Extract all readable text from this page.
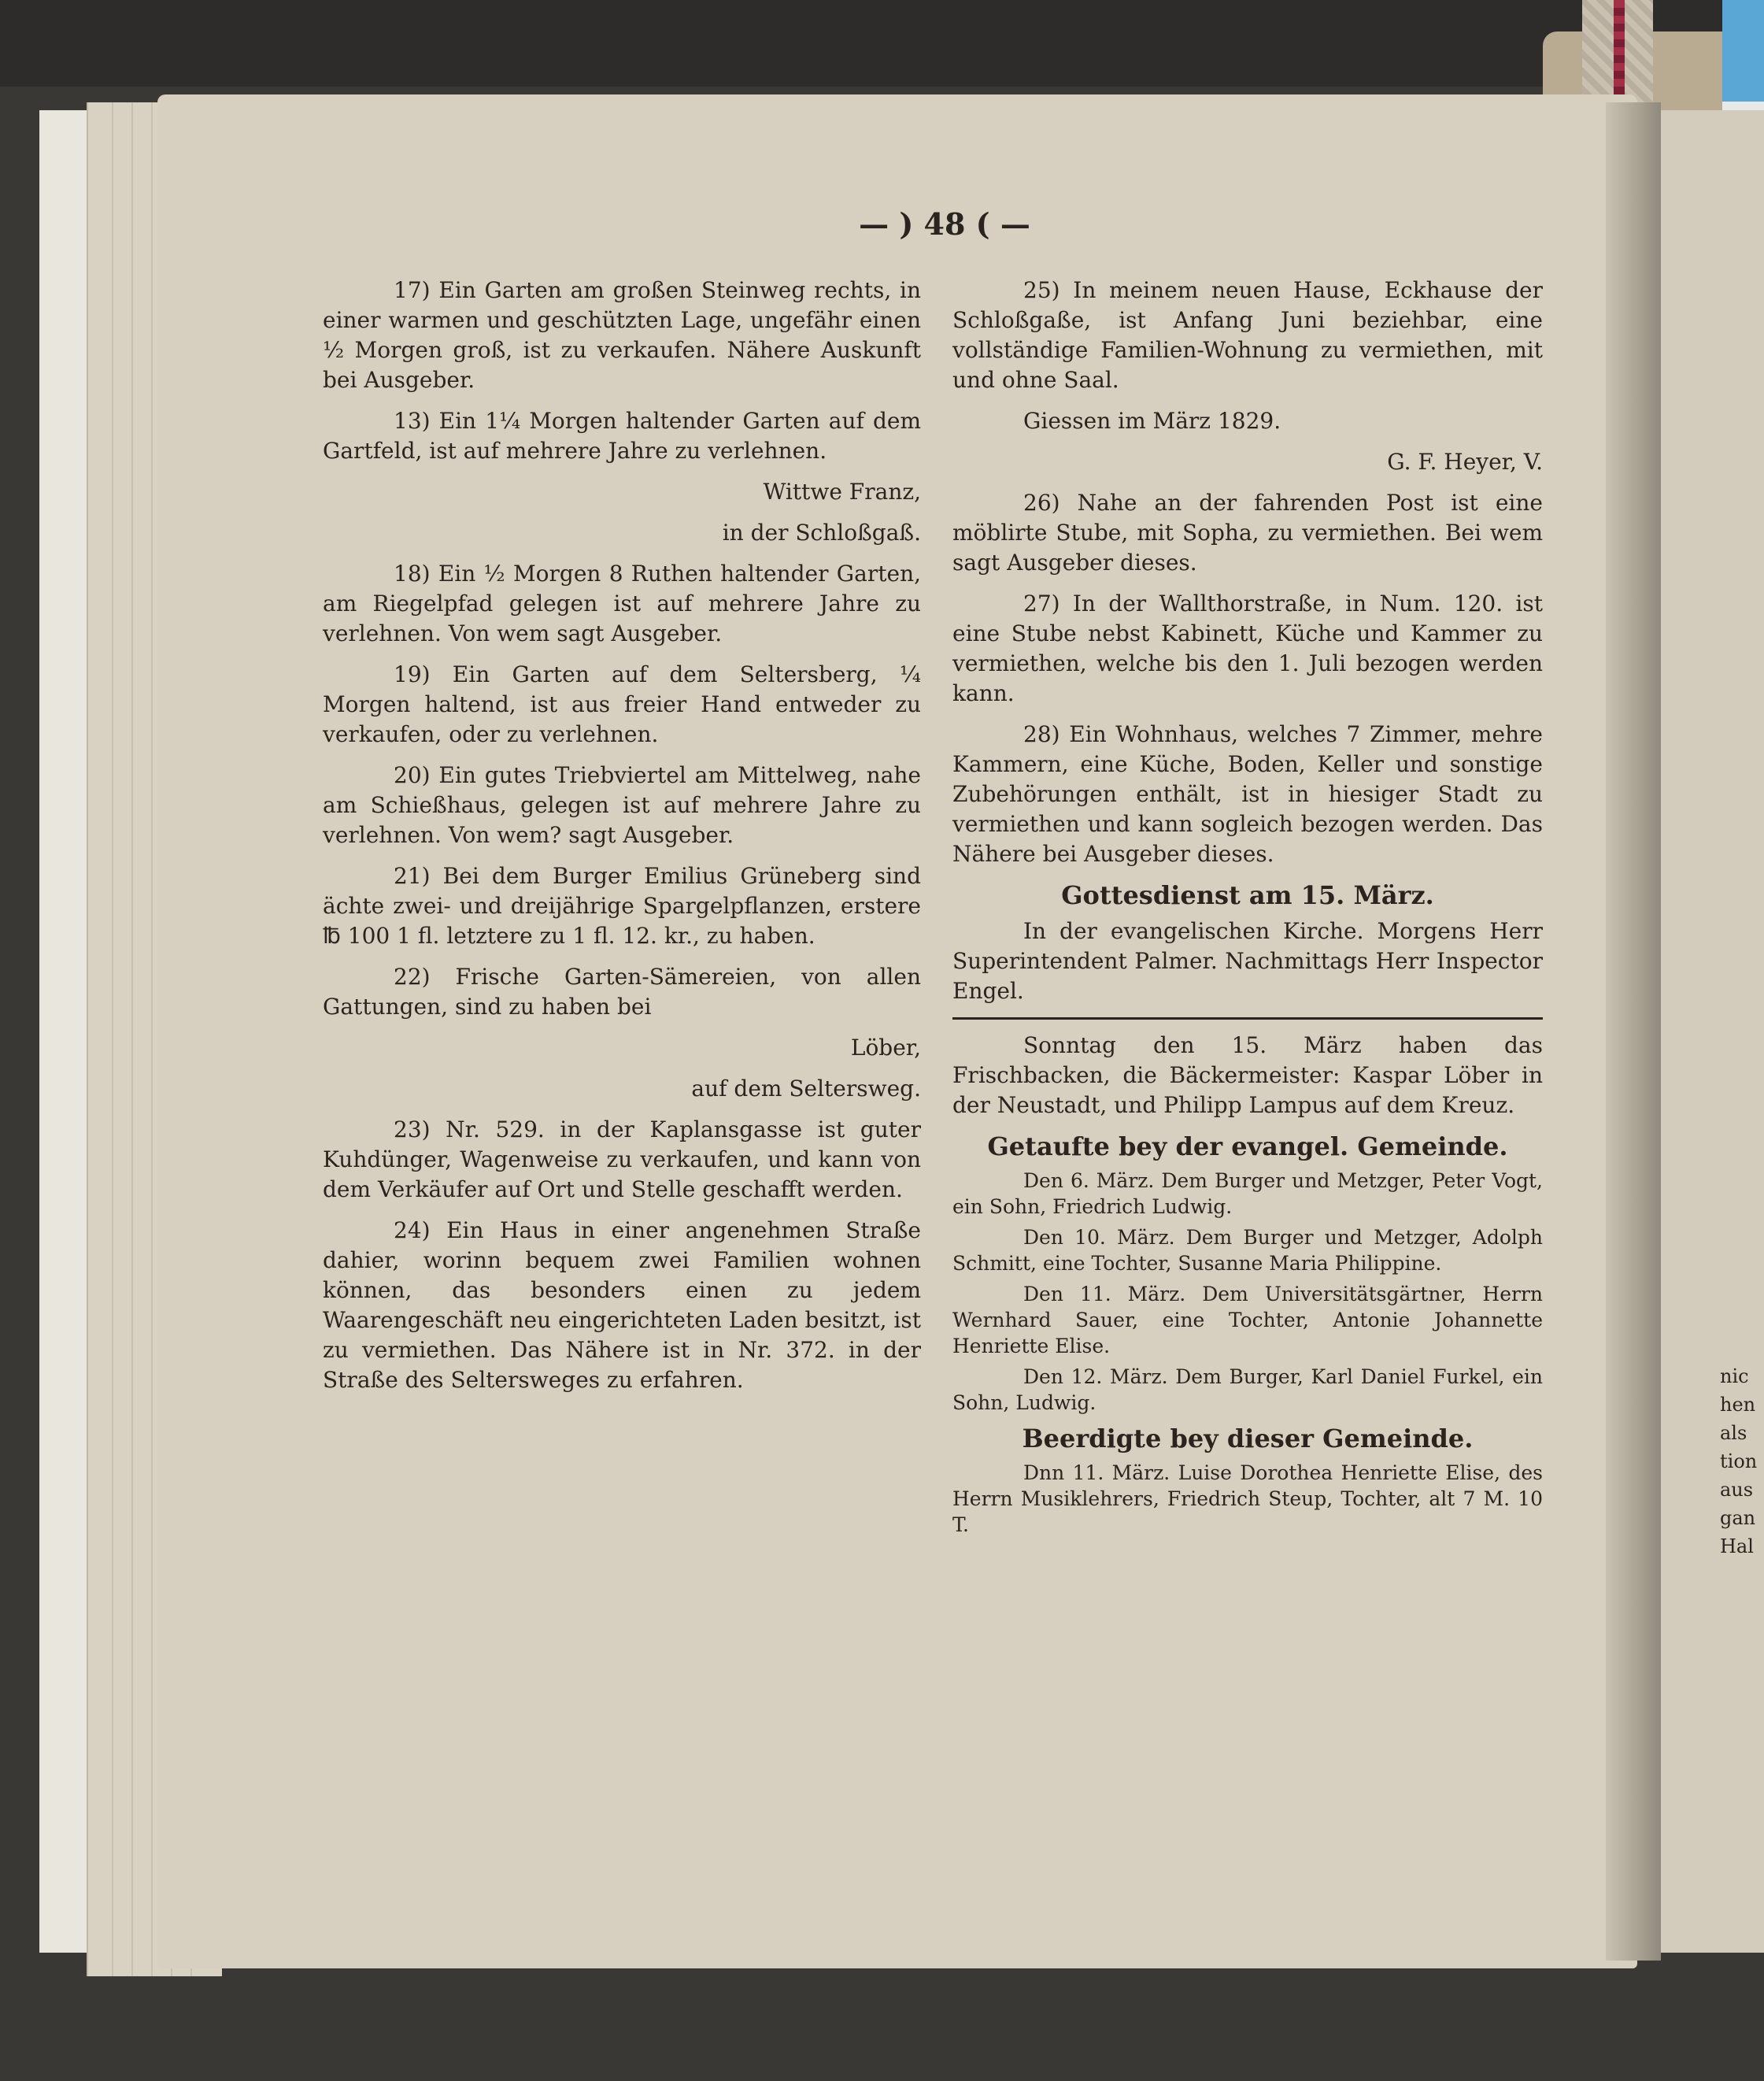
— ) 48 ( —

17) Ein Garten am großen Steinweg rechts, in einer warmen und geschützten Lage, ungefähr einen ½ Morgen groß, ist zu verkaufen. Nähere Auskunft bei Ausgeber.

13) Ein 1¼ Morgen haltender Garten auf dem Gartfeld, ist auf mehrere Jahre zu verlehnen.

Wittwe Franz,

in der Schloßgaß.

18) Ein ½ Morgen 8 Ruthen haltender Garten, am Riegelpfad gelegen ist auf mehrere Jahre zu verlehnen. Von wem sagt Ausgeber.

19) Ein Garten auf dem Seltersberg, ¼ Morgen haltend, ist aus freier Hand entweder zu verkaufen, oder zu verlehnen.

20) Ein gutes Triebviertel am Mittelweg, nahe am Schießhaus, gelegen ist auf mehrere Jahre zu verlehnen. Von wem? sagt Ausgeber.

21) Bei dem Burger Emilius Grüneberg sind ächte zwei- und dreijährige Spargelpflanzen, erstere ℔ 100 1 fl. letztere zu 1 fl. 12. kr., zu haben.

22) Frische Garten-Sämereien, von allen Gattungen, sind zu haben bei

Löber,

auf dem Seltersweg.

23) Nr. 529. in der Kaplansgasse ist guter Kuhdünger, Wagenweise zu verkaufen, und kann von dem Verkäufer auf Ort und Stelle geschafft werden.

24) Ein Haus in einer angenehmen Straße dahier, worinn bequem zwei Familien wohnen können, das besonders einen zu jedem Waarengeschäft neu eingerichteten Laden besitzt, ist zu vermiethen. Das Nähere ist in Nr. 372. in der Straße des Seltersweges zu erfahren.

25) In meinem neuen Hause, Eckhause der Schloßgaße, ist Anfang Juni beziehbar, eine vollständige Familien-Wohnung zu vermiethen, mit und ohne Saal.

Giessen im März 1829.

G. F. Heyer, V.

26) Nahe an der fahrenden Post ist eine möblirte Stube, mit Sopha, zu vermiethen. Bei wem sagt Ausgeber dieses.

27) In der Wallthorstraße, in Num. 120. ist eine Stube nebst Kabinett, Küche und Kammer zu vermiethen, welche bis den 1. Juli bezogen werden kann.

28) Ein Wohnhaus, welches 7 Zimmer, mehre Kammern, eine Küche, Boden, Keller und sonstige Zubehörungen enthält, ist in hiesiger Stadt zu vermiethen und kann sogleich bezogen werden. Das Nähere bei Ausgeber dieses.

Gottesdienst am 15. März.

In der evangelischen Kirche. Morgens Herr Superintendent Palmer. Nachmittags Herr Inspector Engel.

Sonntag den 15. März haben das Frischbacken, die Bäckermeister: Kaspar Löber in der Neustadt, und Philipp Lampus auf dem Kreuz.

Getaufte bey der evangel. Gemeinde.

Den 6. März. Dem Burger und Metzger, Peter Vogt, ein Sohn, Friedrich Ludwig.

Den 10. März. Dem Burger und Metzger, Adolph Schmitt, eine Tochter, Susanne Maria Philippine.

Den 11. März. Dem Universitätsgärtner, Herrn Wernhard Sauer, eine Tochter, Antonie Johannette Henriette Elise.

Den 12. März. Dem Burger, Karl Daniel Furkel, ein Sohn, Ludwig.

Beerdigte bey dieser Gemeinde.

Dnn 11. März. Luise Dorothea Henriette Elise, des Herrn Musiklehrers, Friedrich Steup, Tochter, alt 7 M. 10 T.

nic
hen
als
tion
aus
gan
Hal
